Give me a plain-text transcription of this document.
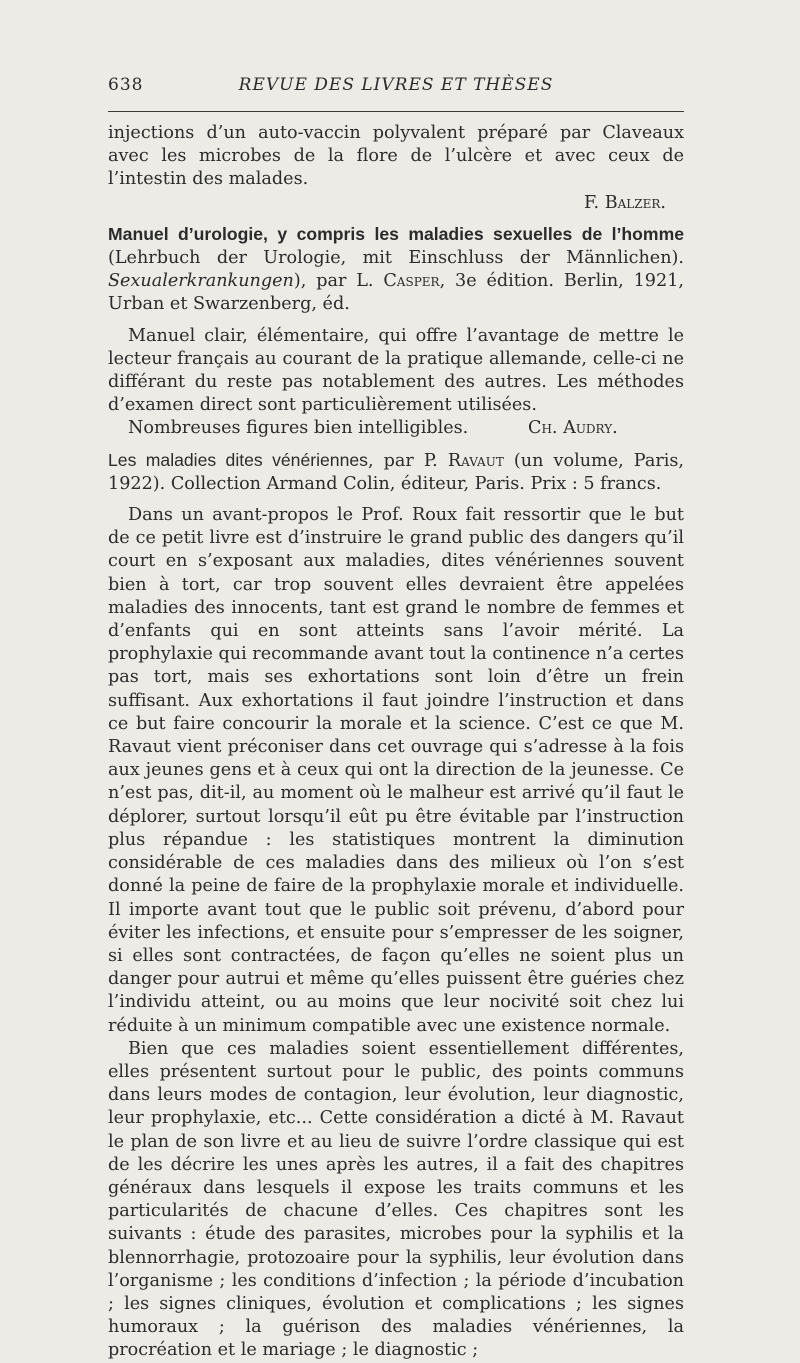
638	REVUE DES LIVRES ET THÈSES

injections d’un auto-vaccin polyvalent préparé par Claveaux avec les microbes de la flore de l’ulcère et avec ceux de l’intestin des malades.

F. Balzer.

Manuel d’urologie, y compris les maladies sexuelles de l’homme (Lehrbuch der Urologie, mit Einschluss der Männlichen). Sexualerkrankungen), par L. Casper, 3e édition. Berlin, 1921, Urban et Swarzenberg, éd.

Manuel clair, élémentaire, qui offre l’avantage de mettre le lecteur français au courant de la pratique allemande, celle-ci ne différant du reste pas notablement des autres. Les méthodes d’examen direct sont particulièrement utilisées.

Nombreuses figures bien intelligibles.	Ch. Audry.

Les maladies dites vénériennes, par P. Ravaut (un volume, Paris, 1922). Collection Armand Colin, éditeur, Paris. Prix : 5 francs.

Dans un avant-propos le Prof. Roux fait ressortir que le but de ce petit livre est d’instruire le grand public des dangers qu’il court en s’exposant aux maladies, dites vénériennes souvent bien à tort, car trop souvent elles devraient être appelées maladies des innocents, tant est grand le nombre de femmes et d’enfants qui en sont atteints sans l’avoir mérité. La prophylaxie qui recommande avant tout la continence n’a certes pas tort, mais ses exhortations sont loin d’être un frein suffisant. Aux exhortations il faut joindre l’instruction et dans ce but faire concourir la morale et la science. C’est ce que M. Ravaut vient préconiser dans cet ouvrage qui s’adresse à la fois aux jeunes gens et à ceux qui ont la direction de la jeunesse. Ce n’est pas, dit-il, au moment où le malheur est arrivé qu’il faut le déplorer, surtout lorsqu’il eût pu être évitable par l’instruction plus répandue : les statistiques montrent la diminution considérable de ces maladies dans des milieux où l’on s’est donné la peine de faire de la prophylaxie morale et individuelle. Il importe avant tout que le public soit prévenu, d’abord pour éviter les infections, et ensuite pour s’empresser de les soigner, si elles sont contractées, de façon qu’elles ne soient plus un danger pour autrui et même qu’elles puissent être guéries chez l’individu atteint, ou au moins que leur nocivité soit chez lui réduite à un minimum compatible avec une existence normale.

Bien que ces maladies soient essentiellement différentes, elles présentent surtout pour le public, des points communs dans leurs modes de contagion, leur évolution, leur diagnostic, leur prophylaxie, etc... Cette considération a dicté à M. Ravaut le plan de son livre et au lieu de suivre l’ordre classique qui est de les décrire les unes après les autres, il a fait des chapitres généraux dans lesquels il expose les traits communs et les particularités de chacune d’elles. Ces chapitres sont les suivants : étude des parasites, microbes pour la syphilis et la blennorrhagie, protozoaire pour la syphilis, leur évolution dans l’organisme ; les conditions d’infection ; la période d’incubation ; les signes cliniques, évolution et complications ; les signes humoraux ; la guérison des maladies vénériennes, la procréation et le mariage ; le diagnostic ;
